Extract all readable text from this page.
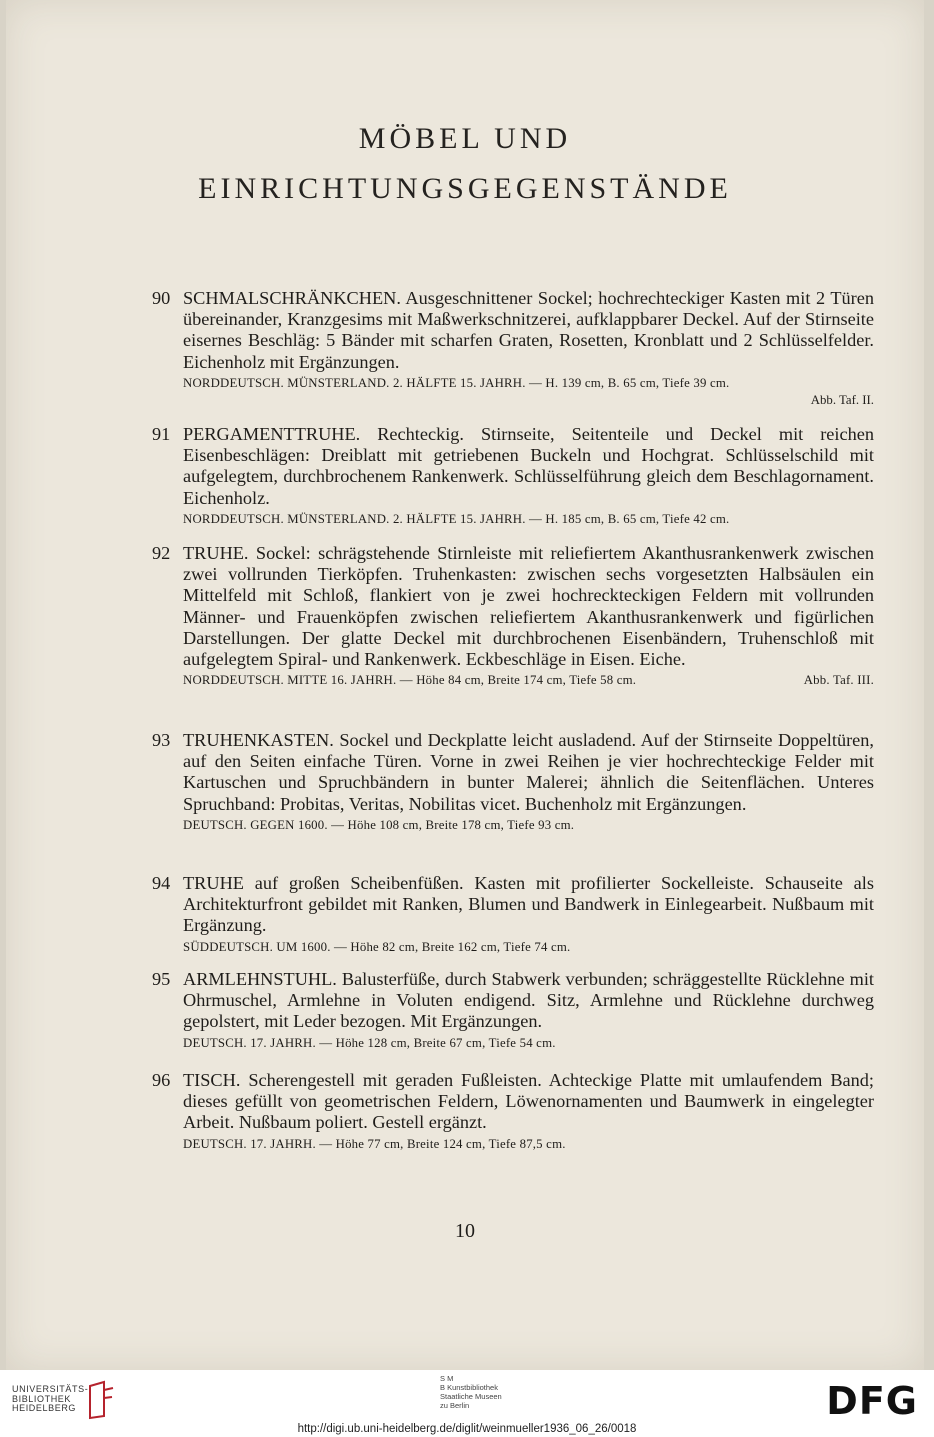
MÖBEL UND
EINRICHTUNGSGEGENSTÄNDE
90 SCHMALSCHRÄNKCHEN. Ausgeschnittener Sockel; hochrechteckiger Kasten mit 2 Türen übereinander, Kranzgesims mit Maßwerkschnitzerei, aufklappbarer Deckel. Auf der Stirnseite eisernes Beschläg: 5 Bänder mit scharfen Graten, Rosetten, Kronblatt und 2 Schlüsselfelder. Eichenholz mit Ergänzungen.
NORDDEUTSCH. MÜNSTERLAND. 2. HÄLFTE 15. JAHRH. — H. 139 cm, B. 65 cm, Tiefe 39 cm.
Abb. Taf. II.
91 PERGAMENTTRUHE. Rechteckig. Stirnseite, Seitenteile und Deckel mit reichen Eisenbeschlägen: Dreiblatt mit getriebenen Buckeln und Hochgrat. Schlüsselschild mit aufgelegtem, durchbrochenem Rankenwerk. Schlüsselführung gleich dem Beschlagornament. Eichenholz.
NORDDEUTSCH. MÜNSTERLAND. 2. HÄLFTE 15. JAHRH. — H. 185 cm, B. 65 cm, Tiefe 42 cm.
92 TRUHE. Sockel: schrägstehende Stirnleiste mit reliefiertem Akanthusrankenwerk zwischen zwei vollrunden Tierköpfen. Truhenkasten: zwischen sechs vorgesetzten Halbsäulen ein Mittelfeld mit Schloß, flankiert von je zwei hochreckteckigen Feldern mit vollrunden Männer- und Frauenköpfen zwischen reliefiertem Akanthusrankenwerk und figürlichen Darstellungen. Der glatte Deckel mit durchbrochenen Eisenbändern, Truhenschloß mit aufgelegtem Spiral- und Rankenwerk. Eckbeschläge in Eisen. Eiche.
NORDDEUTSCH. MITTE 16. JAHRH. — Höhe 84 cm, Breite 174 cm, Tiefe 58 cm.	Abb. Taf. III.
93 TRUHENKASTEN. Sockel und Deckplatte leicht ausladend. Auf der Stirnseite Doppeltüren, auf den Seiten einfache Türen. Vorne in zwei Reihen je vier hochrechteckige Felder mit Kartuschen und Spruchbändern in bunter Malerei; ähnlich die Seitenflächen. Unteres Spruchband: Probitas, Veritas, Nobilitas vicet. Buchenholz mit Ergänzungen.
DEUTSCH. GEGEN 1600. — Höhe 108 cm, Breite 178 cm, Tiefe 93 cm.
94 TRUHE auf großen Scheibenfüßen. Kasten mit profilierter Sockelleiste. Schauseite als Architekturfront gebildet mit Ranken, Blumen und Bandwerk in Einlegearbeit. Nußbaum mit Ergänzung.
SÜDDEUTSCH. UM 1600. — Höhe 82 cm, Breite 162 cm, Tiefe 74 cm.
95 ARMLEHNSTUHL. Balusterfüße, durch Stabwerk verbunden; schräggestellte Rücklehne mit Ohrmuschel, Armlehne in Voluten endigend. Sitz, Armlehne und Rücklehne durchweg gepolstert, mit Leder bezogen. Mit Ergänzungen.
DEUTSCH. 17. JAHRH. — Höhe 128 cm, Breite 67 cm, Tiefe 54 cm.
96 TISCH. Scherengestell mit geraden Fußleisten. Achteckige Platte mit umlaufendem Band; dieses gefüllt von geometrischen Feldern, Löwenornamenten und Baumwerk in eingelegter Arbeit. Nußbaum poliert. Gestell ergänzt.
DEUTSCH. 17. JAHRH. — Höhe 77 cm, Breite 124 cm, Tiefe 87,5 cm.
10
UNIVERSITÄTS-
BIBLIOTHEK
HEIDELBERG
S M
B Kunstbibliothek
Staatliche Museen
zu Berlin	DFG
http://digi.ub.uni-heidelberg.de/diglit/weinmueller1936_06_26/0018
